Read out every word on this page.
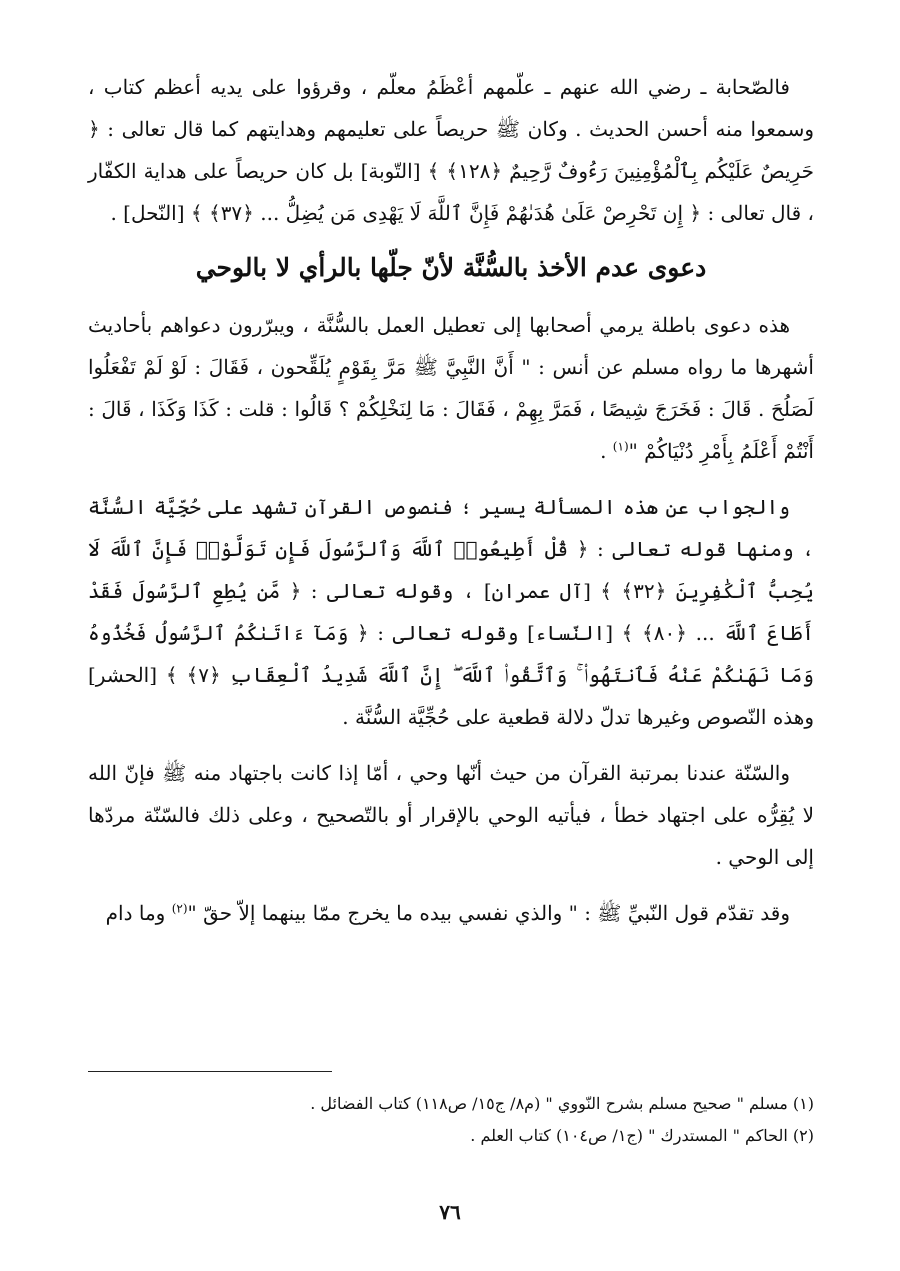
فالصّحابة ـ رضي الله عنهم ـ علّمهم أعْظَمُ معلّم ، وقرؤوا على يديه أعظم كتاب ، وسمعوا منه أحسن الحديث . وكان ﷺ حريصاً على تعليمهم وهدايتهم كما قال تعالى : ﴿ حَرِيصٌ عَلَيْكُم بِٱلْمُؤْمِنِينَ رَءُوفٌ رَّحِيمٌ ﴿١٢٨﴾ ﴾ [التّوبة] بل كان حريصاً على هداية الكفّار ، قال تعالى : ﴿ إِن تَحْرِصْ عَلَىٰ هُدَىٰهُمْ فَإِنَّ ٱللَّهَ لَا يَهْدِى مَن يُضِلُّ ... ﴿٣٧﴾ ﴾ [النّحل] .

دعوى عدم الأخذ بالسُّنَّة لأنّ جلّها بالرأي لا بالوحي

هذه دعوى باطلة يرمي أصحابها إلى تعطيل العمل بالسُّنَّة ، ويبرّرون دعواهم بأحاديث أشهرها ما رواه مسلم عن أنس : " أَنَّ النَّبِيَّ ﷺ مَرَّ بِقَوْمٍ يُلَقِّحون ، فَقَالَ : لَوْ لَمْ تَفْعَلُوا لَصَلُحَ . قَالَ : فَخَرَجَ شِيصًا ، فَمَرَّ بِهِمْ ، فَقَالَ : مَا لِنَخْلِكُمْ ؟ قَالُوا : قلت : كَذَا وَكَذَا ، قَالَ : أَنْتُمْ أَعْلَمُ بِأَمْرِ دُنْيَاكُمْ "$^{(١)}$ .

والجواب عن هذه المسألة يسير ؛ فنصوص القرآن تشهد على حُجِّيَّة السُّنَّة ، ومنها قوله تعالى : ﴿ قُلْ أَطِيعُوا۟ ٱللَّهَ وَٱلرَّسُولَ فَإِن تَوَلَّوْا۟ فَإِنَّ ٱللَّهَ لَا يُحِبُّ ٱلْكَٰفِرِينَ ﴿٣٢﴾ ﴾ [آل عمران] ، وقوله تعالى : ﴿ مَّن يُطِعِ ٱلرَّسُولَ فَقَدْ أَطَاعَ ٱللَّهَ ... ﴿٨٠﴾ ﴾ [النّساء] وقوله تعالى : ﴿ وَمَآ ءَاتَىٰكُمُ ٱلرَّسُولُ فَخُذُوهُ وَمَا نَهَىٰكُمْ عَنْهُ فَٱنتَهُوا۟ ۚ وَٱتَّقُوا۟ ٱللَّهَ ۖ إِنَّ ٱللَّهَ شَدِيدُ ٱلْعِقَابِ ﴿٧﴾ ﴾ [الحشر] وهذه النّصوص وغيرها تدلّ دلالة قطعية على حُجِّيَّة السُّنَّة .

والسّنّة عندنا بمرتبة القرآن من حيث أنّها وحي ، أمّا إذا كانت باجتهاد منه ﷺ فإنّ الله لا يُقِرُّه على اجتهاد خطأ ، فيأتيه الوحي بالإقرار أو بالتّصحيح ، وعلى ذلك فالسّنّة مردّها إلى الوحي .

وقد تقدّم قول النّبيِّ ﷺ : " والذي نفسي بيده ما يخرج ممّا بينهما إلاّ حقّ "$^{(٢)}$ وما دام

(١) مسلم " صحيح مسلم بشرح النّووي " (م٨/ ج١٥/ ص١١٨) كتاب الفضائل .

(٢) الحاكم " المستدرك " (ج١/ ص١٠٤) كتاب العلم .

٧٦
